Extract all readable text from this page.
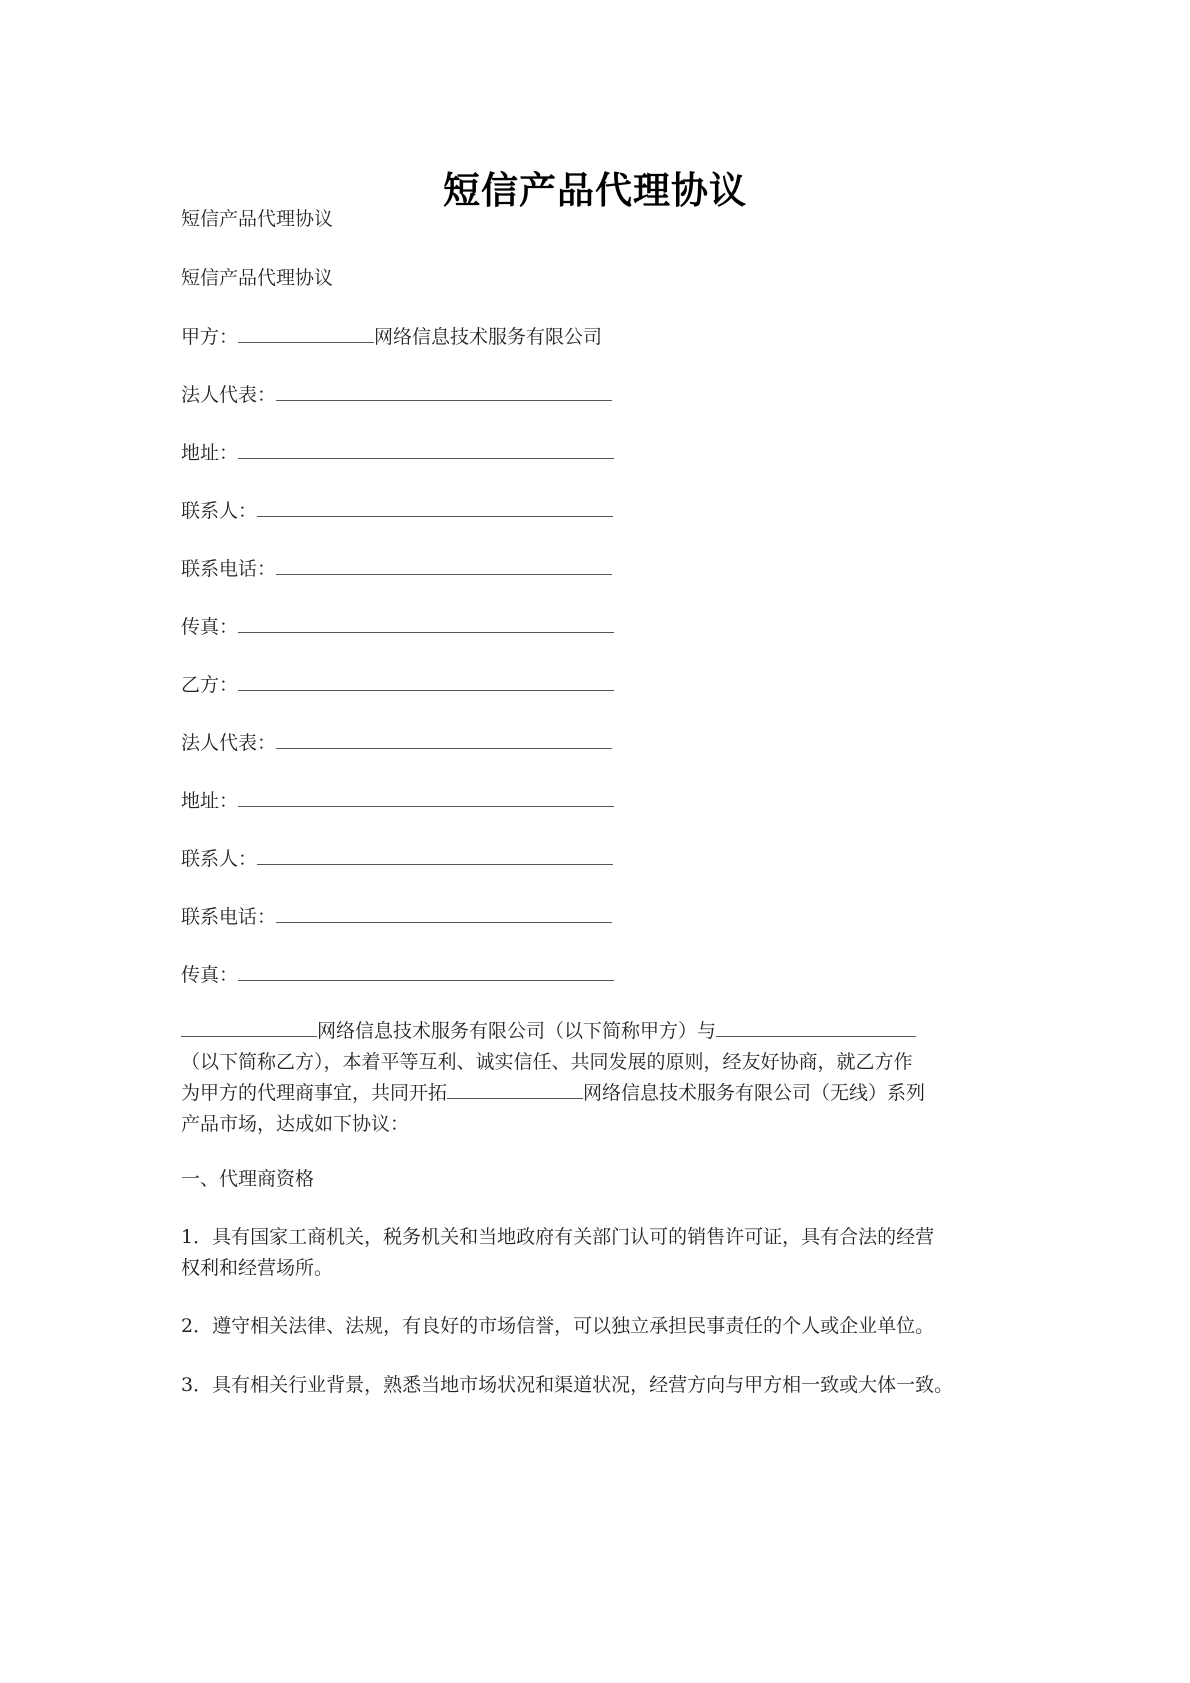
短信产品代理协议
短信产品代理协议
短信产品代理协议
甲方：	网络信息技术服务有限公司
法人代表：
地址：
联系人：
联系电话：
传真：
乙方：
法人代表：
地址：
联系人：
联系电话：
传真：
网络信息技术服务有限公司（以下简称甲方）与
（以下简称乙方），本着平等互利、诚实信任、共同发展的原则，经友好协商，就乙方作
为甲方的代理商事宜，共同开拓	网络信息技术服务有限公司（无线）系列
产品市场，达成如下协议：
一、代理商资格
1．具有国家工商机关，税务机关和当地政府有关部门认可的销售许可证，具有合法的经营
权利和经营场所。
2．遵守相关法律、法规，有良好的市场信誉，可以独立承担民事责任的个人或企业单位。
3．具有相关行业背景，熟悉当地市场状况和渠道状况，经营方向与甲方相一致或大体一致。
